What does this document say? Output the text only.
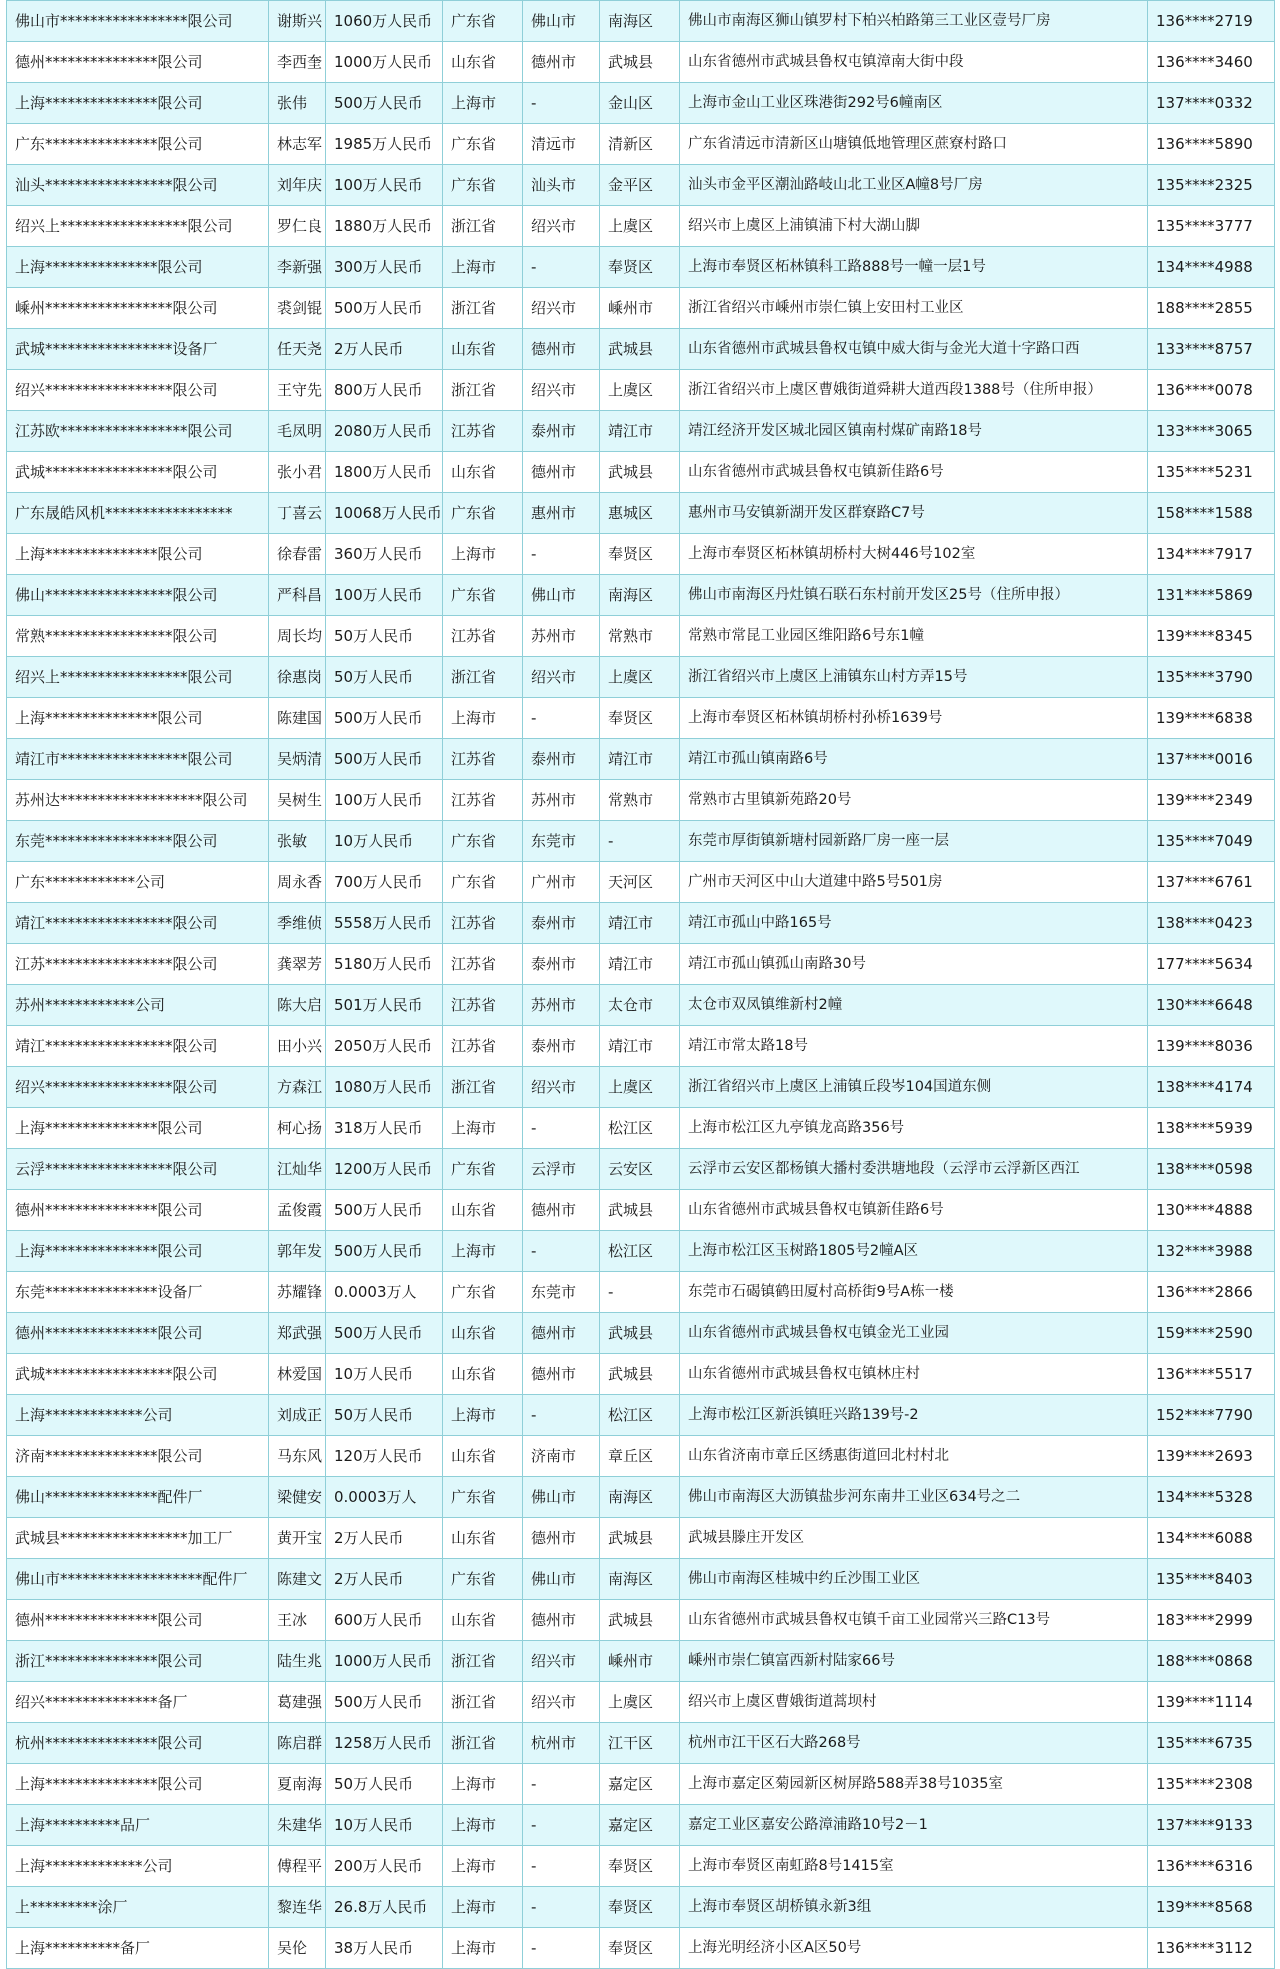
佛山市*****************限公司	谢斯兴	1060万人民币	广东省	佛山市	南海区	佛山市南海区狮山镇罗村下柏兴柏路第三工业区壹号厂房	136****2719
德州***************限公司	李西奎	1000万人民币	山东省	德州市	武城县	山东省德州市武城县鲁权屯镇漳南大街中段	136****3460
上海***************限公司	张伟	500万人民币	上海市	-	金山区	上海市金山工业区珠港街292号6幢南区	137****0332
广东***************限公司	林志军	1985万人民币	广东省	清远市	清新区	广东省清远市清新区山塘镇低地管理区蔗寮村路口	136****5890
汕头*****************限公司	刘年庆	100万人民币	广东省	汕头市	金平区	汕头市金平区潮汕路岐山北工业区A幢8号厂房	135****2325
绍兴上*****************限公司	罗仁良	1880万人民币	浙江省	绍兴市	上虞区	绍兴市上虞区上浦镇浦下村大湖山脚	135****3777
上海***************限公司	李新强	300万人民币	上海市	-	奉贤区	上海市奉贤区柘林镇科工路888号一幢一层1号	134****4988
嵊州*****************限公司	裘剑锟	500万人民币	浙江省	绍兴市	嵊州市	浙江省绍兴市嵊州市崇仁镇上安田村工业区	188****2855
武城*****************设备厂	任天尧	2万人民币	山东省	德州市	武城县	山东省德州市武城县鲁权屯镇中威大街与金光大道十字路口西	133****8757
绍兴*****************限公司	王守先	800万人民币	浙江省	绍兴市	上虞区	浙江省绍兴市上虞区曹娥街道舜耕大道西段1388号（住所申报）	136****0078
江苏欧*****************限公司	毛凤明	2080万人民币	江苏省	泰州市	靖江市	靖江经济开发区城北园区镇南村煤矿南路18号	133****3065
武城*****************限公司	张小君	1800万人民币	山东省	德州市	武城县	山东省德州市武城县鲁权屯镇新佳路6号	135****5231
广东晟皓风机*****************	丁喜云	10068万人民币	广东省	惠州市	惠城区	惠州市马安镇新湖开发区群寮路C7号	158****1588
上海***************限公司	徐春雷	360万人民币	上海市	-	奉贤区	上海市奉贤区柘林镇胡桥村大树446号102室	134****7917
佛山*****************限公司	严科昌	100万人民币	广东省	佛山市	南海区	佛山市南海区丹灶镇石联石东村前开发区25号（住所申报）	131****5869
常熟*****************限公司	周长均	50万人民币	江苏省	苏州市	常熟市	常熟市常昆工业园区维阳路6号东1幢	139****8345
绍兴上*****************限公司	徐惠岗	50万人民币	浙江省	绍兴市	上虞区	浙江省绍兴市上虞区上浦镇东山村方弄15号	135****3790
上海***************限公司	陈建国	500万人民币	上海市	-	奉贤区	上海市奉贤区柘林镇胡桥村孙桥1639号	139****6838
靖江市*****************限公司	吴炳清	500万人民币	江苏省	泰州市	靖江市	靖江市孤山镇南路6号	137****0016
苏州达*******************限公司	吴树生	100万人民币	江苏省	苏州市	常熟市	常熟市古里镇新苑路20号	139****2349
东莞*****************限公司	张敏	10万人民币	广东省	东莞市	-	东莞市厚街镇新塘村园新路厂房一座一层	135****7049
广东************公司	周永香	700万人民币	广东省	广州市	天河区	广州市天河区中山大道建中路5号501房	137****6761
靖江*****************限公司	季维侦	5558万人民币	江苏省	泰州市	靖江市	靖江市孤山中路165号	138****0423
江苏*****************限公司	龚翠芳	5180万人民币	江苏省	泰州市	靖江市	靖江市孤山镇孤山南路30号	177****5634
苏州************公司	陈大启	501万人民币	江苏省	苏州市	太仓市	太仓市双凤镇维新村2幢	130****6648
靖江*****************限公司	田小兴	2050万人民币	江苏省	泰州市	靖江市	靖江市常太路18号	139****8036
绍兴*****************限公司	方森江	1080万人民币	浙江省	绍兴市	上虞区	浙江省绍兴市上虞区上浦镇丘段岑104国道东侧	138****4174
上海***************限公司	柯心扬	318万人民币	上海市	-	松江区	上海市松江区九亭镇龙高路356号	138****5939
云浮*****************限公司	江灿华	1200万人民币	广东省	云浮市	云安区	云浮市云安区都杨镇大播村委洪塘地段（云浮市云浮新区西江	138****0598
德州***************限公司	孟俊霞	500万人民币	山东省	德州市	武城县	山东省德州市武城县鲁权屯镇新佳路6号	130****4888
上海***************限公司	郭年发	500万人民币	上海市	-	松江区	上海市松江区玉树路1805号2幢A区	132****3988
东莞***************设备厂	苏耀锋	0.0003万人	广东省	东莞市	-	东莞市石碣镇鹤田厦村高桥街9号A栋一楼	136****2866
德州***************限公司	郑武强	500万人民币	山东省	德州市	武城县	山东省德州市武城县鲁权屯镇金光工业园	159****2590
武城*****************限公司	林爱国	10万人民币	山东省	德州市	武城县	山东省德州市武城县鲁权屯镇林庄村	136****5517
上海*************公司	刘成正	50万人民币	上海市	-	松江区	上海市松江区新浜镇旺兴路139号-2	152****7790
济南***************限公司	马东风	120万人民币	山东省	济南市	章丘区	山东省济南市章丘区绣惠街道回北村村北	139****2693
佛山***************配件厂	梁健安	0.0003万人	广东省	佛山市	南海区	佛山市南海区大沥镇盐步河东南井工业区634号之二	134****5328
武城县*****************加工厂	黄开宝	2万人民币	山东省	德州市	武城县	武城县滕庄开发区	134****6088
佛山市*******************配件厂	陈建文	2万人民币	广东省	佛山市	南海区	佛山市南海区桂城中约丘沙围工业区	135****8403
德州***************限公司	王冰	600万人民币	山东省	德州市	武城县	山东省德州市武城县鲁权屯镇千亩工业园常兴三路C13号	183****2999
浙江***************限公司	陆生兆	1000万人民币	浙江省	绍兴市	嵊州市	嵊州市崇仁镇富西新村陆家66号	188****0868
绍兴***************备厂	葛建强	500万人民币	浙江省	绍兴市	上虞区	绍兴市上虞区曹娥街道蒿坝村	139****1114
杭州***************限公司	陈启群	1258万人民币	浙江省	杭州市	江干区	杭州市江干区石大路268号	135****6735
上海***************限公司	夏南海	50万人民币	上海市	-	嘉定区	上海市嘉定区菊园新区树屏路588弄38号1035室	135****2308
上海**********品厂	朱建华	10万人民币	上海市	-	嘉定区	嘉定工业区嘉安公路漳浦路10号2－1	137****9133
上海*************公司	傅程平	200万人民币	上海市	-	奉贤区	上海市奉贤区南虹路8号1415室	136****6316
上*********涂厂	黎连华	26.8万人民币	上海市	-	奉贤区	上海市奉贤区胡桥镇永新3组	139****8568
上海**********备厂	吴伦	38万人民币	上海市	-	奉贤区	上海光明经济小区A区50号	136****3112
